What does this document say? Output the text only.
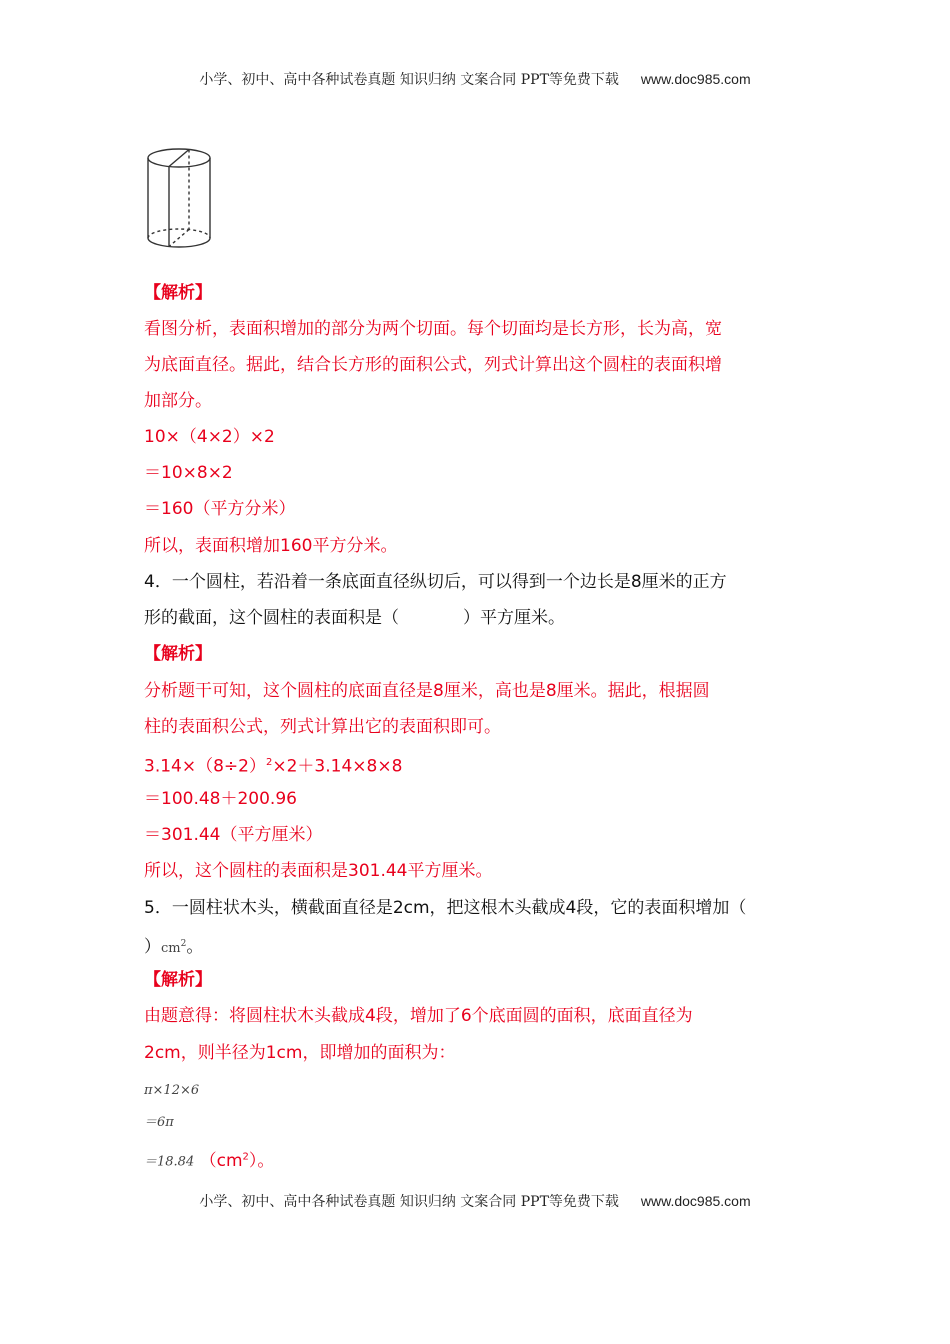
小学、初中、高中各种试卷真题 知识归纳 文案合同 PPT等免费下载 www.doc985.com
【解析】
看图分析，表面积增加的部分为两个切面。每个切面均是长方形，长为高，宽
为底面直径。据此，结合长方形的面积公式，列式计算出这个圆柱的表面积增
加部分。
10×（4×2）×2
＝10×8×2
＝160（平方分米）
所以，表面积增加160平方分米。
4．一个圆柱，若沿着一条底面直径纵切后，可以得到一个边长是8厘米的正方
形的截面，这个圆柱的表面积是（	）平方厘米。
【解析】
分析题干可知，这个圆柱的底面直径是8厘米，高也是8厘米。据此，根据圆
柱的表面积公式，列式计算出它的表面积即可。
$3.14\times(8\div 2)^2\times 2+3.14\times 8\times 8$
＝100.48＋200.96
＝301.44（平方厘米）
所以，这个圆柱的表面积是301.44平方厘米。
5．一圆柱状木头，横截面直径是2cm，把这根木头截成4段，它的表面积增加（
）$cm^2$。
【解析】
由题意得：将圆柱状木头截成4段，增加了6个底面圆的面积，底面直径为
2cm，则半径为1cm，即增加的面积为：
π×12×6
＝6π
＝18.84 $(cm^2)$。
小学、初中、高中各种试卷真题 知识归纳 文案合同 PPT等免费下载 www.doc985.com
